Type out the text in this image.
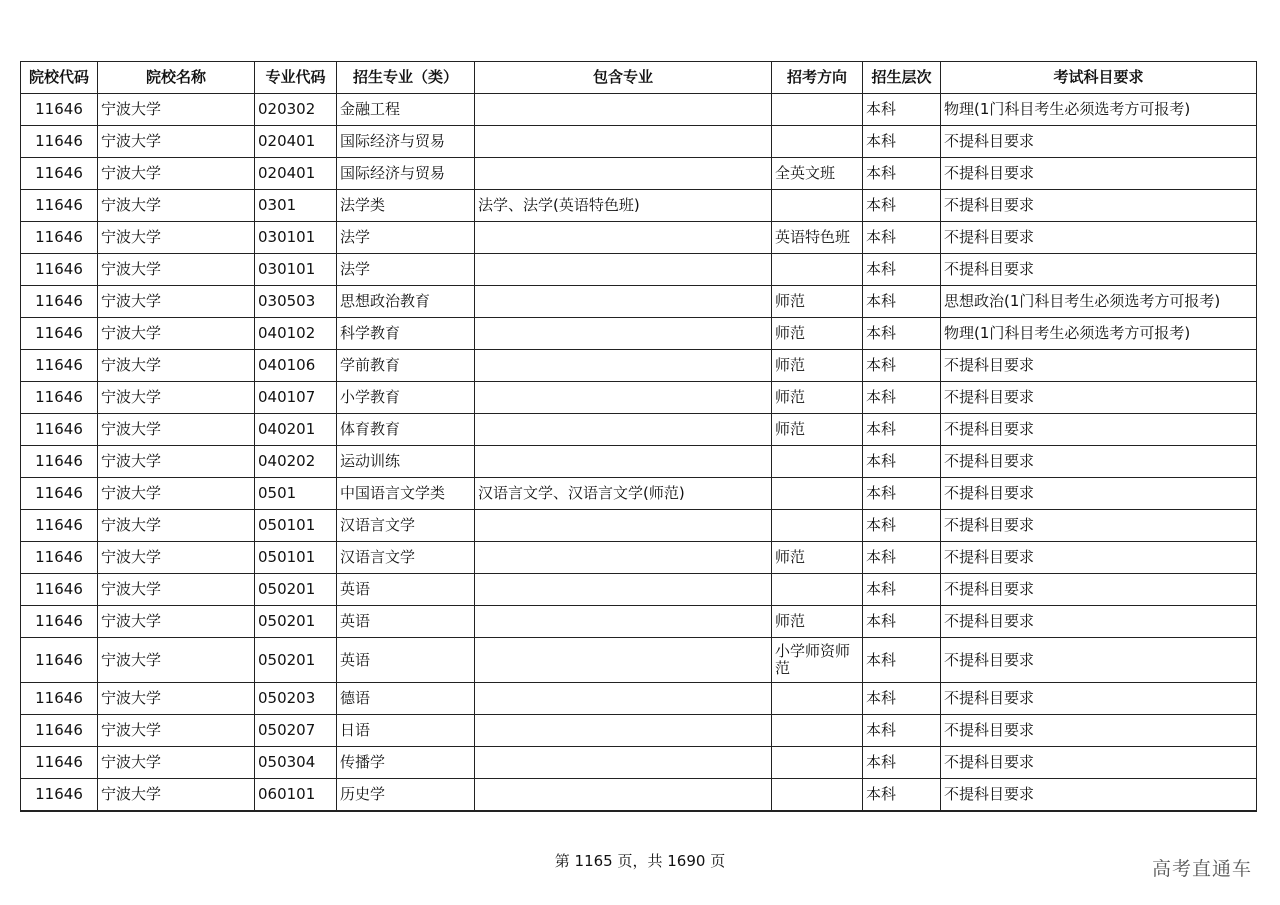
院校代码	院校名称	专业代码	招生专业（类）	包含专业	招考方向	招生层次	考试科目要求
11646	宁波大学	020302	金融工程			本科	物理(1门科目考生必须选考方可报考)
11646	宁波大学	020401	国际经济与贸易			本科	不提科目要求
11646	宁波大学	020401	国际经济与贸易		全英文班	本科	不提科目要求
11646	宁波大学	0301	法学类	法学、法学(英语特色班)		本科	不提科目要求
11646	宁波大学	030101	法学		英语特色班	本科	不提科目要求
11646	宁波大学	030101	法学			本科	不提科目要求
11646	宁波大学	030503	思想政治教育		师范	本科	思想政治(1门科目考生必须选考方可报考)
11646	宁波大学	040102	科学教育		师范	本科	物理(1门科目考生必须选考方可报考)
11646	宁波大学	040106	学前教育		师范	本科	不提科目要求
11646	宁波大学	040107	小学教育		师范	本科	不提科目要求
11646	宁波大学	040201	体育教育		师范	本科	不提科目要求
11646	宁波大学	040202	运动训练			本科	不提科目要求
11646	宁波大学	0501	中国语言文学类	汉语言文学、汉语言文学(师范)		本科	不提科目要求
11646	宁波大学	050101	汉语言文学			本科	不提科目要求
11646	宁波大学	050101	汉语言文学		师范	本科	不提科目要求
11646	宁波大学	050201	英语			本科	不提科目要求
11646	宁波大学	050201	英语		师范	本科	不提科目要求
11646	宁波大学	050201	英语		小学师资师范	本科	不提科目要求
11646	宁波大学	050203	德语			本科	不提科目要求
11646	宁波大学	050207	日语			本科	不提科目要求
11646	宁波大学	050304	传播学			本科	不提科目要求
11646	宁波大学	060101	历史学			本科	不提科目要求
第 1165 页，共 1690 页	高考直通车
